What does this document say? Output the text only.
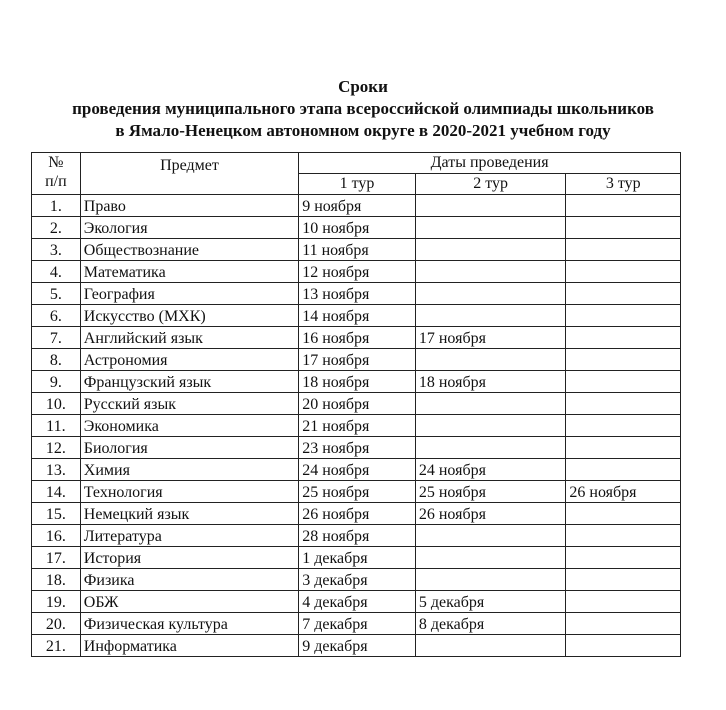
Сроки
проведения муниципального этапа всероссийской олимпиады школьников
в Ямало-Ненецком автономном округе в 2020-2021 учебном году
№
п/п	Предмет	Даты проведения		
		1 тур	2 тур	3 тур
1.	Право	9 ноября		
2.	Экология	10 ноября		
3.	Обществознание	11 ноября		
4.	Математика	12 ноября		
5.	География	13 ноября		
6.	Искусство (МХК)	14 ноября		
7.	Английский язык	16 ноября	17 ноября	
8.	Астрономия	17 ноября		
9.	Французский язык	18 ноября	18 ноября	
10.	Русский язык	20 ноября		
11.	Экономика	21 ноября		
12.	Биология	23 ноября		
13.	Химия	24 ноября	24 ноября	
14.	Технология	25 ноября	25 ноября	26 ноября
15.	Немецкий язык	26 ноября	26 ноября	
16.	Литература	28 ноября		
17.	История	1 декабря		
18.	Физика	3 декабря		
19.	ОБЖ	4 декабря	5 декабря	
20.	Физическая культура	7 декабря	8 декабря	
21.	Информатика	9 декабря		
